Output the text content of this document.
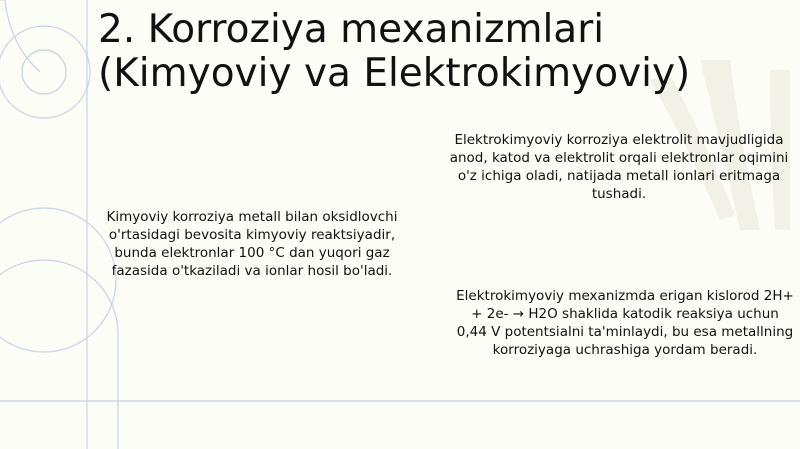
2. Korroziya mexanizmlari
(Kimyoviy va Elektrokimyoviy)

Kimyoviy korroziya metall bilan oksidlovchi o'rtasidagi bevosita kimyoviy reaktsiyadir, bunda elektronlar 100 °C dan yuqori gaz fazasida o'tkaziladi va ionlar hosil bo'ladi.

Elektrokimyoviy korroziya elektrolit mavjudligida anod, katod va elektrolit orqali elektronlar oqimini o'z ichiga oladi, natijada metall ionlari eritmaga tushadi.

Elektrokimyoviy mexanizmda erigan kislorod 2H+ + 2e- → H2O shaklida katodik reaksiya uchun 0,44 V potentsialni ta'minlaydi, bu esa metallning korroziyaga uchrashiga yordam beradi.
